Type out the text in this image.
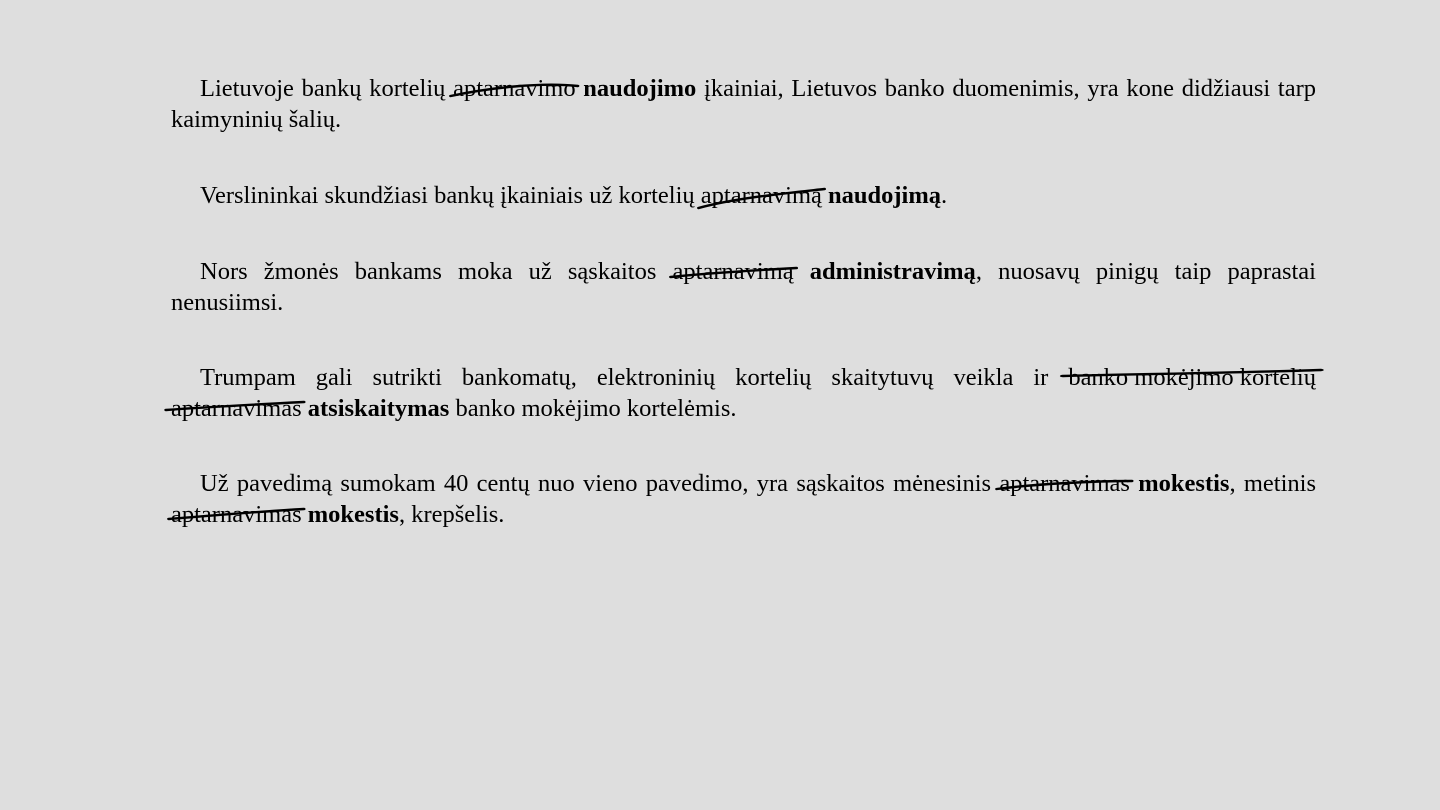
Lietuvoje bankų kortelių aptarnavimo naudojimo įkainiai, Lietuvos banko duomenimis, yra kone didžiausi tarp kaimyninių šalių.

Verslininkai skundžiasi bankų įkainiais už kortelių aptarnavimą naudojimą.

Nors žmonės bankams moka už sąskaitos aptarnavimą administravimą, nuosavų pinigų taip paprastai nenusiimsi.

Trumpam gali sutrikti bankomatų, elektroninių kortelių skaitytuvų veikla ir banko mokėjimo kortelių
aptarnavimas atsiskaitymas banko mokėjimo kortelėmis.

Už pavedimą sumokam 40 centų nuo vieno pavedimo, yra sąskaitos mėnesinis aptarnavimas mokestis, metinis aptarnavimas mokestis, krepšelis.
